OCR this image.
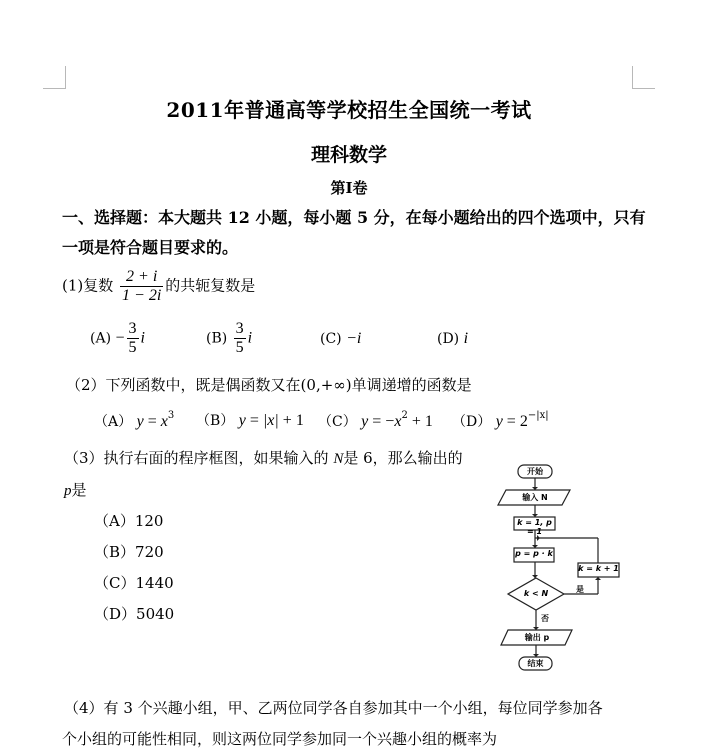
2011年普通高等学校招生全国统一考试
理科数学
第I卷
一、选择题：本大题共 12 小题，每小题 5 分，在每小题给出的四个选项中，只有
一项是符合题目要求的。
(1)复数 $\frac{2 + i}{1 - 2i}$ 的共轭复数是
$(A) - \frac{3}{5}$ i	$(B) \frac{3}{5}$ i	(C) −i	(D) i
（2）下列函数中，既是偶函数又在(0,+∞)单调递增的函数是
（A） $y = x^3$ （B） y = |x| + 1 （C） $y = -x^2 + 1$ （D） $y = 2^{-|x|}$
（3）执行右面的程序框图，如果输入的 N是 6，那么输出的
p是
（A）120
（B）720
（C）1440
（D）5040
开始
输入 N
k = 1, p = 1
p = p · k
k < N
k = k + 1
是
否
输出 p
结束
（4）有 3 个兴趣小组，甲、乙两位同学各自参加其中一个小组，每位同学参加各
个小组的可能性相同，则这两位同学参加同一个兴趣小组的概率为
